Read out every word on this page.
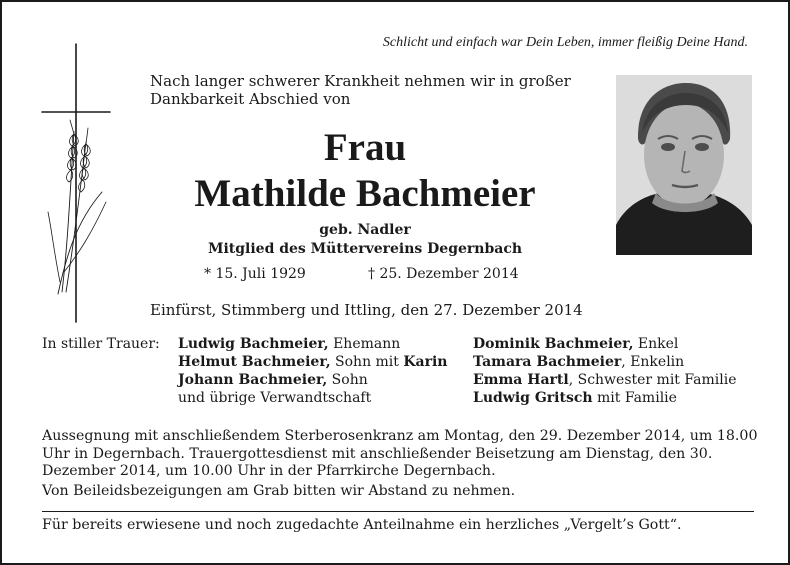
Schlicht und einfach war Dein Leben, immer fleißig Deine Hand.
Nach langer schwerer Krankheit nehmen wir in großer
Dankbarkeit Abschied von
Frau
Mathilde Bachmeier
geb. Nadler
Mitglied des Müttervereins Degernbach
* 15. Juli 1929	† 25. Dezember 2014
Einfürst, Stimmberg und Ittling, den 27. Dezember 2014
In stiller Trauer: Ludwig Bachmeier, Ehemann
Helmut Bachmeier, Sohn mit Karin
Johann Bachmeier, Sohn
und übrige Verwandtschaft
Dominik Bachmeier, Enkel
Tamara Bachmeier, Enkelin
Emma Hartl, Schwester mit Familie
Ludwig Gritsch mit Familie
Aussegnung mit anschließendem Sterberosenkranz am Montag, den 29. Dezember 2014, um 18.00 Uhr in Degernbach. Trauergottesdienst mit anschließender Beisetzung am Dienstag, den 30. Dezember 2014, um 10.00 Uhr in der Pfarrkirche Degernbach.
Von Beileidsbezeigungen am Grab bitten wir Abstand zu nehmen.
Für bereits erwiesene und noch zugedachte Anteilnahme ein herzliches „Vergelt’s Gott“.
